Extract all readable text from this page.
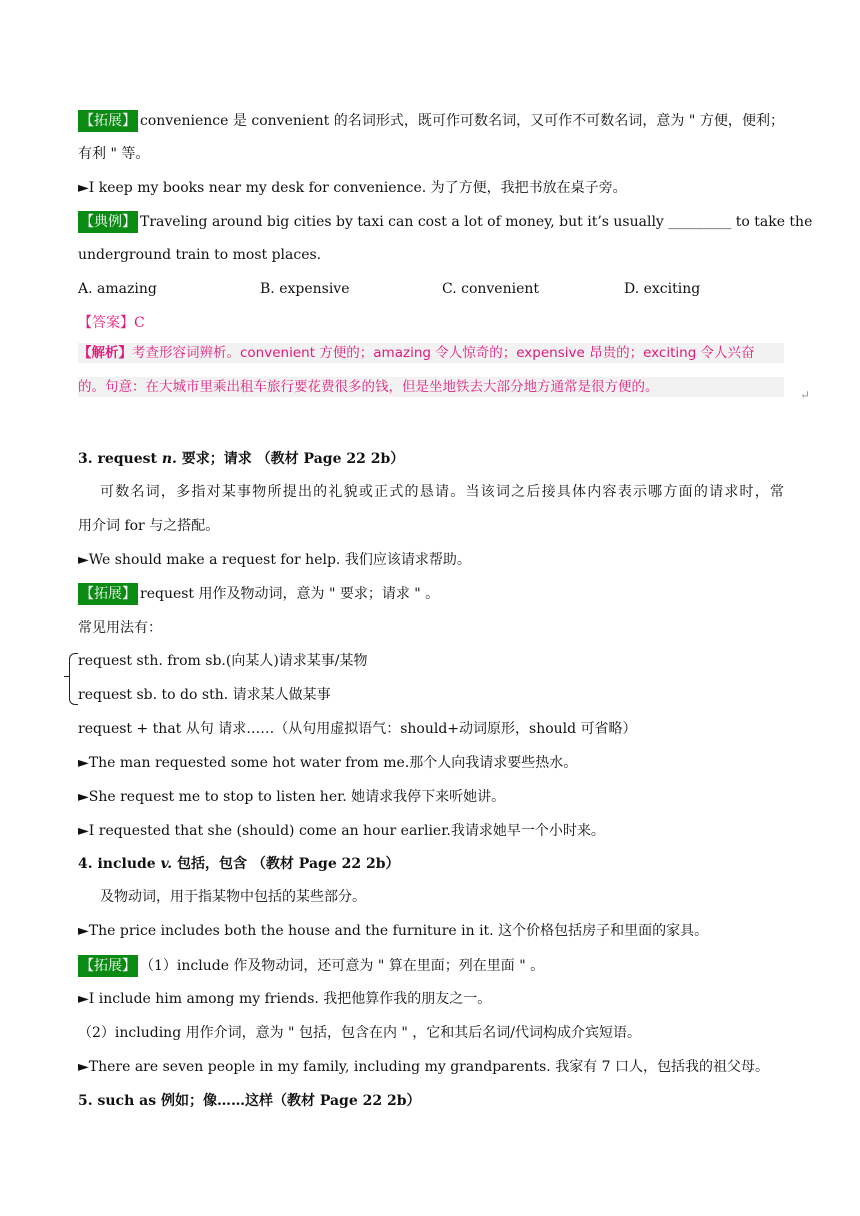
【拓展】 convenience 是 convenient 的名词形式，既可作可数名词，又可作不可数名词，意为 " 方便，便利；
有利 " 等。
►I keep my books near my desk for convenience. 为了方便，我把书放在桌子旁。
【典例】 Traveling around big cities by taxi can cost a lot of money, but it’s usually _________ to take the
underground train to most places.
A. amazing	B. expensive	C. convenient	D. exciting
【答案】C
【解析】考查形容词辨析。convenient 方便的；amazing 令人惊奇的；expensive 昂贵的；exciting 令人兴奋
的。句意：在大城市里乘出租车旅行要花费很多的钱，但是坐地铁去大部分地方通常是很方便的。	↵
3. request n. 要求；请求 （教材 Page 22 2b）
可数名词，多指对某事物所提出的礼貌或正式的恳请。当该词之后接具体内容表示哪方面的请求时，常
用介词 for 与之搭配。
►We should make a request for help. 我们应该请求帮助。
【拓展】 request 用作及物动词，意为 " 要求；请求 " 。
常见用法有：
request sth. from sb.(向某人)请求某事/某物
request sb. to do sth. 请求某人做某事
request + that 从句 请求……（从句用虚拟语气：should+动词原形，should 可省略）
►The man requested some hot water from me.那个人向我请求要些热水。
►She request me to stop to listen her. 她请求我停下来听她讲。
►I requested that she (should) come an hour earlier.我请求她早一个小时来。
4. include v. 包括，包含 （教材 Page 22 2b）
及物动词，用于指某物中包括的某些部分。
►The price includes both the house and the furniture in it. 这个价格包括房子和里面的家具。
【拓展】 （1）include 作及物动词，还可意为 " 算在里面；列在里面 " 。
►I include him among my friends. 我把他算作我的朋友之一。
（2）including 用作介词，意为 " 包括，包含在内 " ，它和其后名词/代词构成介宾短语。
►There are seven people in my family, including my grandparents. 我家有 7 口人，包括我的祖父母。
5. such as 例如；像……这样（教材 Page 22 2b）
